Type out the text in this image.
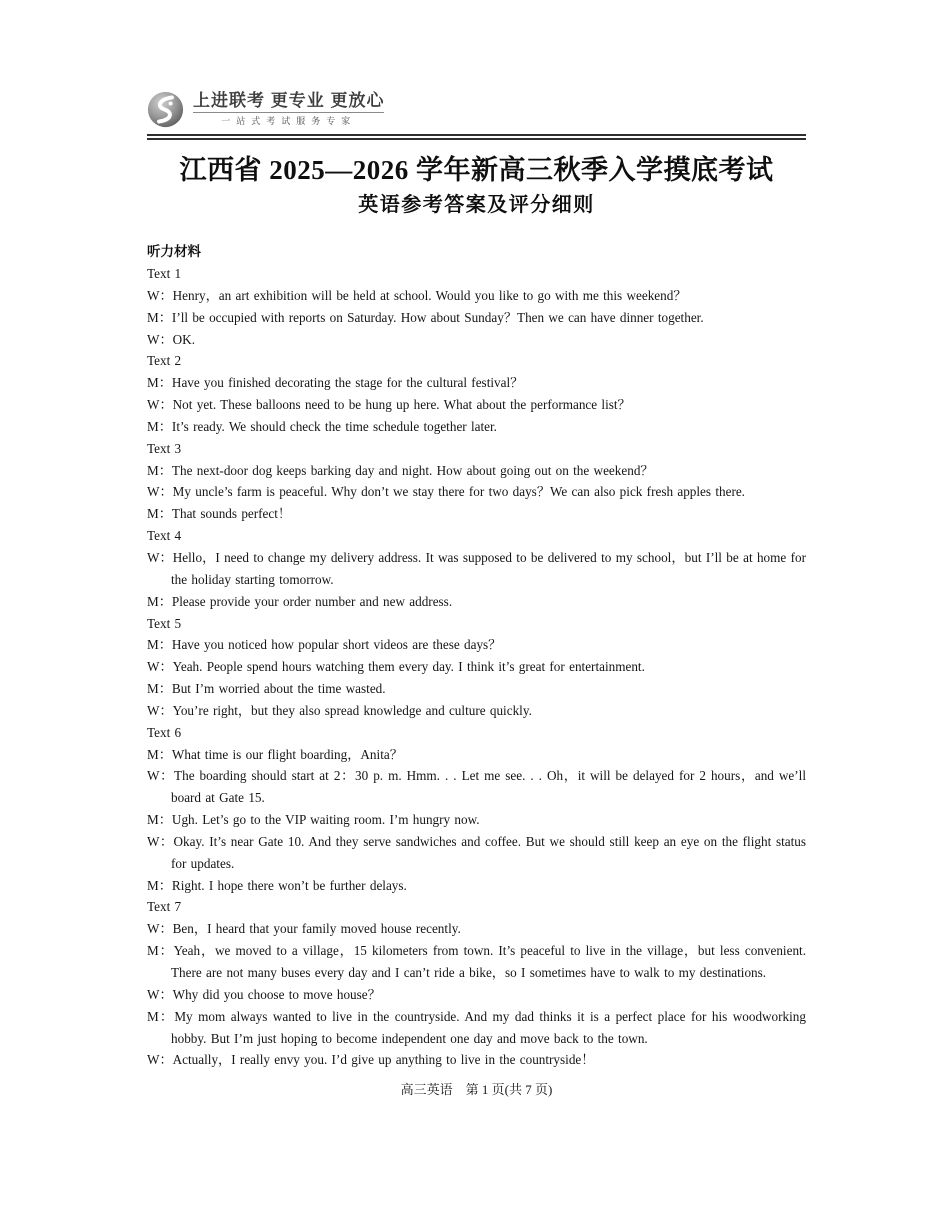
上进联考 更专业 更放心
一站式考试服务专家
江西省 2025—2026 学年新高三秋季入学摸底考试
英语参考答案及评分细则
听力材料

Text 1

W：Henry，an art exhibition will be held at school. Would you like to go with me this weekend？

M：I’ll be occupied with reports on Saturday. How about Sunday？Then we can have dinner together.

W：OK.

Text 2

M：Have you finished decorating the stage for the cultural festival？

W：Not yet. These balloons need to be hung up here. What about the performance list？

M：It’s ready. We should check the time schedule together later.

Text 3

M：The next-door dog keeps barking day and night. How about going out on the weekend？

W：My uncle’s farm is peaceful. Why don’t we stay there for two days？We can also pick fresh apples there.

M：That sounds perfect！

Text 4

W：Hello，I need to change my delivery address. It was supposed to be delivered to my school，but I’ll be at home for the holiday starting tomorrow.

M：Please provide your order number and new address.

Text 5

M：Have you noticed how popular short videos are these days？

W：Yeah. People spend hours watching them every day. I think it’s great for entertainment.

M：But I’m worried about the time wasted.

W：You’re right，but they also spread knowledge and culture quickly.

Text 6

M：What time is our flight boarding，Anita？

W：The boarding should start at 2：30 p. m. Hmm. . . Let me see. . . Oh，it will be delayed for 2 hours，and we’ll board at Gate 15.

M：Ugh. Let’s go to the VIP waiting room. I’m hungry now.

W：Okay. It’s near Gate 10. And they serve sandwiches and coffee. But we should still keep an eye on the flight status for updates.

M：Right. I hope there won’t be further delays.

Text 7

W：Ben，I heard that your family moved house recently.

M：Yeah，we moved to a village，15 kilometers from town. It’s peaceful to live in the village，but less convenient. There are not many buses every day and I can’t ride a bike，so I sometimes have to walk to my destinations.

W：Why did you choose to move house？

M：My mom always wanted to live in the countryside. And my dad thinks it is a perfect place for his woodworking hobby. But I’m just hoping to become independent one day and move back to the town.

W：Actually，I really envy you. I’d give up anything to live in the countryside！

高三英语　第 1 页(共 7 页)
